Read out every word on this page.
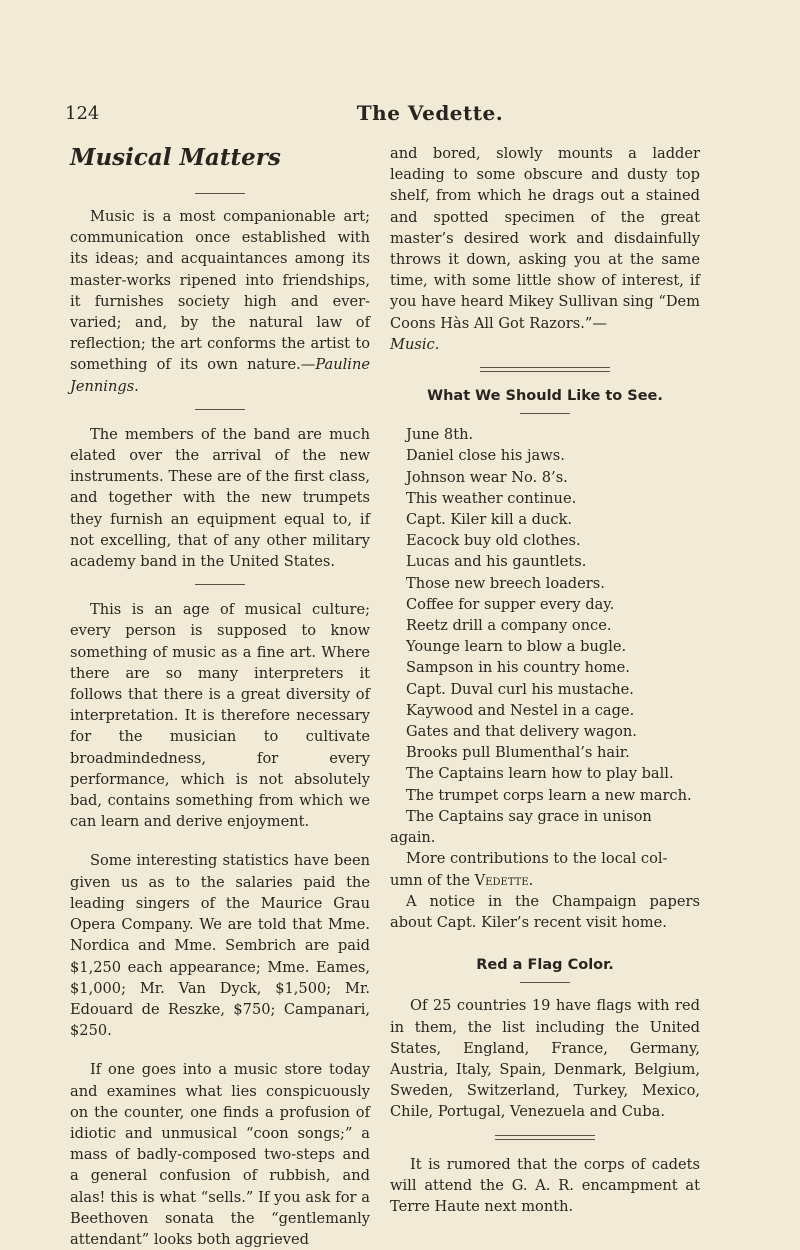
124	The Vedette.
Musical Matters

Music is a most companionable art; communication once established with its ideas; and acquaintances among its master-works ripened into friendships, it furnishes society high and ever-varied; and, by the natural law of reflection; the art conforms the artist to something of its own nature.—Pauline Jennings.

The members of the band are much elated over the arrival of the new instruments. These are of the first class, and together with the new trumpets they furnish an equipment equal to, if not excelling, that of any other military academy band in the United States.

This is an age of musical culture; every person is supposed to know something of music as a fine art. Where there are so many interpreters it follows that there is a great diversity of interpretation. It is therefore necessary for the musician to cultivate broadmindedness, for every performance, which is not absolutely bad, contains something from which we can learn and derive enjoyment.

Some interesting statistics have been given us as to the salaries paid the leading singers of the Maurice Grau Opera Company. We are told that Mme. Nordica and Mme. Sembrich are paid $1,250 each appearance; Mme. Eames, $1,000; Mr. Van Dyck, $1,500; Mr. Edouard de Reszke, $750; Campanari, $250.

If one goes into a music store today and examines what lies conspicuously on the counter, one finds a profusion of idiotic and unmusical “coon songs;” a mass of badly-composed two-steps and a general confusion of rubbish, and alas! this is what “sells.” If you ask for a Beethoven sonata the “gentlemanly attendant” looks both aggrieved

and bored, slowly mounts a ladder leading to some obscure and dusty top shelf, from which he drags out a stained and spotted specimen of the great master’s desired work and disdainfully throws it down, asking you at the same time, with some little show of interest, if you have heard Mikey Sullivan sing “Dem Coons Hàs All Got Razors.”—
Music.

What We Should Like to See.
June 8th.
Daniel close his jaws.
Johnson wear No. 8’s.
This weather continue.
Capt. Kiler kill a duck.
Eacock buy old clothes.
Lucas and his gauntlets.
Those new breech loaders.
Coffee for supper every day.
Reetz drill a company once.
Younge learn to blow a bugle.
Sampson in his country home.
Capt. Duval curl his mustache.
Kaywood and Nestel in a cage.
Gates and that delivery wagon.
Brooks pull Blumenthal’s hair.
The Captains learn how to play ball.
The trumpet corps learn a new march.
The Captains say grace in unison
again.
More contributions to the local col-
umn of the Vedette.

A notice in the Champaign papers about Capt. Kiler’s recent visit home.

Red a Flag Color.

Of 25 countries 19 have flags with red in them, the list including the United States, England, France, Germany, Austria, Italy, Spain, Denmark, Belgium, Sweden, Switzerland, Turkey, Mexico, Chile, Portugal, Venezuela and Cuba.

It is rumored that the corps of cadets will attend the G. A. R. encampment at Terre Haute next month.
